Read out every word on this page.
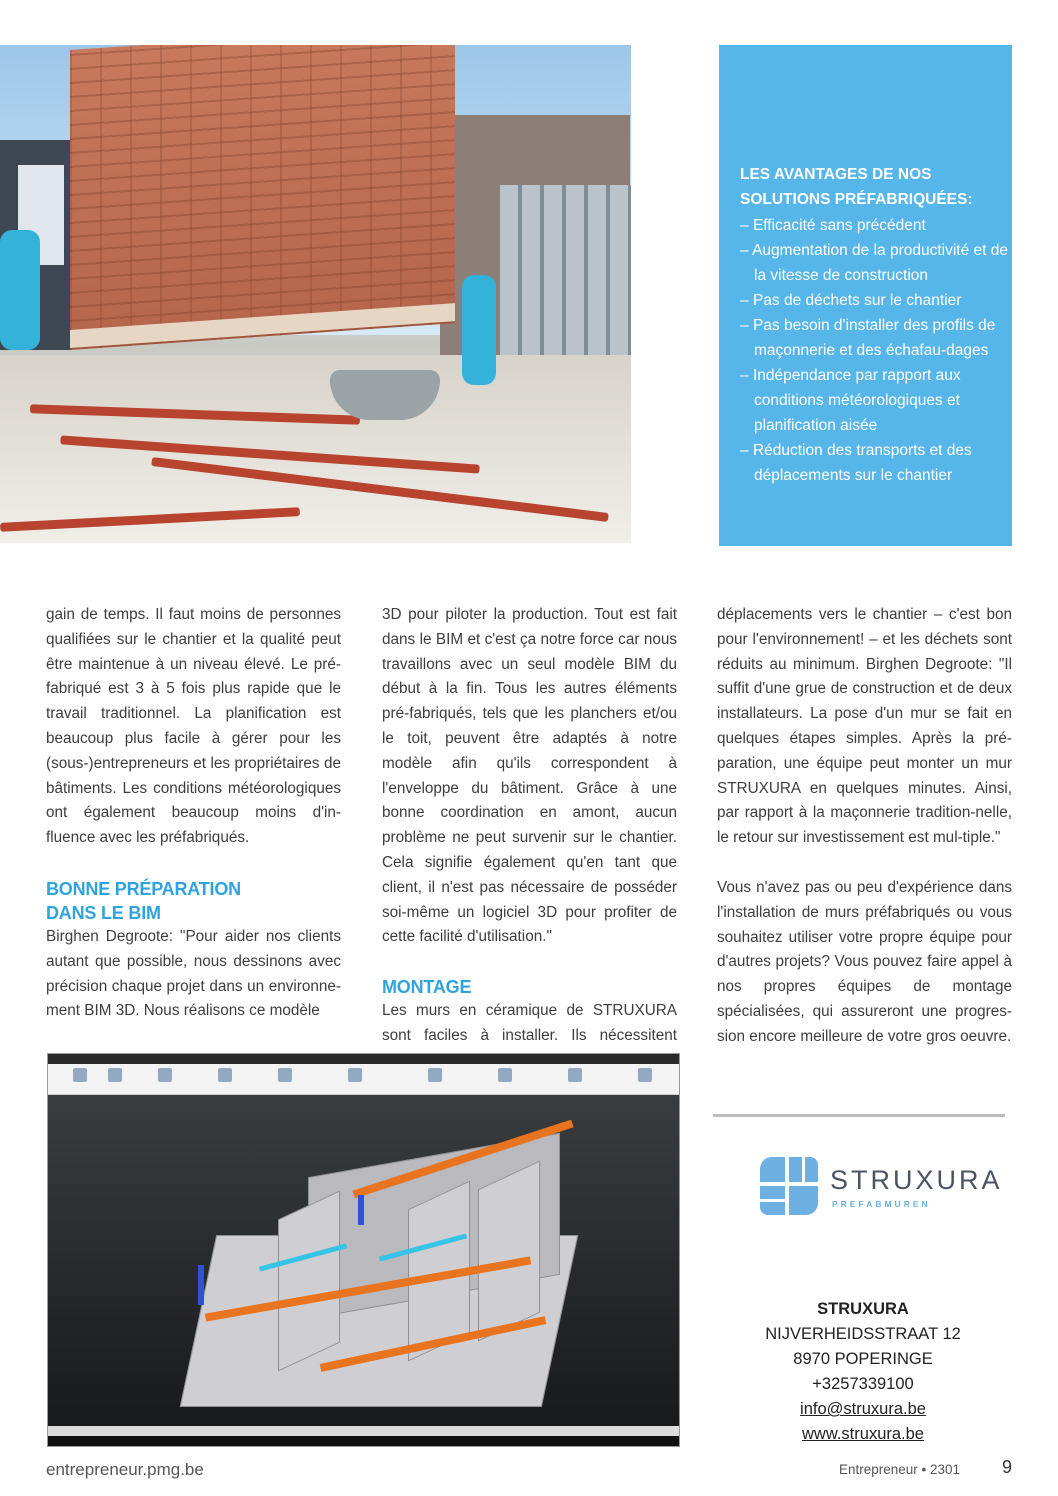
LES AVANTAGES DE NOS SOLUTIONS PRÉFABRIQUÉES:
– Efficacité sans précédent
– Augmentation de la productivité et de la vitesse de construction
– Pas de déchets sur le chantier
– Pas besoin d'installer des profils de maçonnerie et des échafau-dages
– Indépendance par rapport aux conditions météorologiques et planification aisée
– Réduction des transports et des déplacements sur le chantier

gain de temps. Il faut moins de personnes qualifiées sur le chantier et la qualité peut être maintenue à un niveau élevé. Le pré-fabriqué est 3 à 5 fois plus rapide que le travail traditionnel. La planification est beaucoup plus facile à gérer pour les (sous-)entrepreneurs et les propriétaires de bâtiments. Les conditions météorologiques ont également beaucoup moins d'in-fluence avec les préfabriqués.

BONNE PRÉPARATION
DANS LE BIM

Birghen Degroote: "Pour aider nos clients autant que possible, nous dessinons avec précision chaque projet dans un environne-ment BIM 3D. Nous réalisons ce modèle

3D pour piloter la production. Tout est fait dans le BIM et c'est ça notre force car nous travaillons avec un seul modèle BIM du début à la fin. Tous les autres éléments pré-fabriqués, tels que les planchers et/ou le toit, peuvent être adaptés à notre modèle afin qu'ils correspondent à l'enveloppe du bâtiment. Grâce à une bonne coordination en amont, aucun problème ne peut survenir sur le chantier. Cela signifie également qu'en tant que client, il n'est pas nécessaire de posséder soi-même un logiciel 3D pour profiter de cette facilité d'utilisation."

MONTAGE

Les murs en céramique de STRUXURA sont faciles à installer. Ils nécessitent

déplacements vers le chantier – c'est bon pour l'environnement! – et les déchets sont réduits au minimum. Birghen Degroote: "Il suffit d'une grue de construction et de deux installateurs. La pose d'un mur se fait en quelques étapes simples. Après la pré-paration, une équipe peut monter un mur STRUXURA en quelques minutes. Ainsi, par rapport à la maçonnerie tradition-nelle, le retour sur investissement est mul-tiple."

Vous n'avez pas ou peu d'expérience dans l'installation de murs préfabriqués ou vous souhaitez utiliser votre propre équipe pour d'autres projets? Vous pouvez faire appel à nos propres équipes de montage spécialisées, qui assureront une progres-sion encore meilleure de votre gros oeuvre.

STRUXURA
PREFABMUREN
STRUXURA
NIJVERHEIDSSTRAAT 12
8970 POPERINGE
+3257339100
info@struxura.be
www.struxura.be
entrepreneur.pmg.be	Entrepreneur • 2301 9
